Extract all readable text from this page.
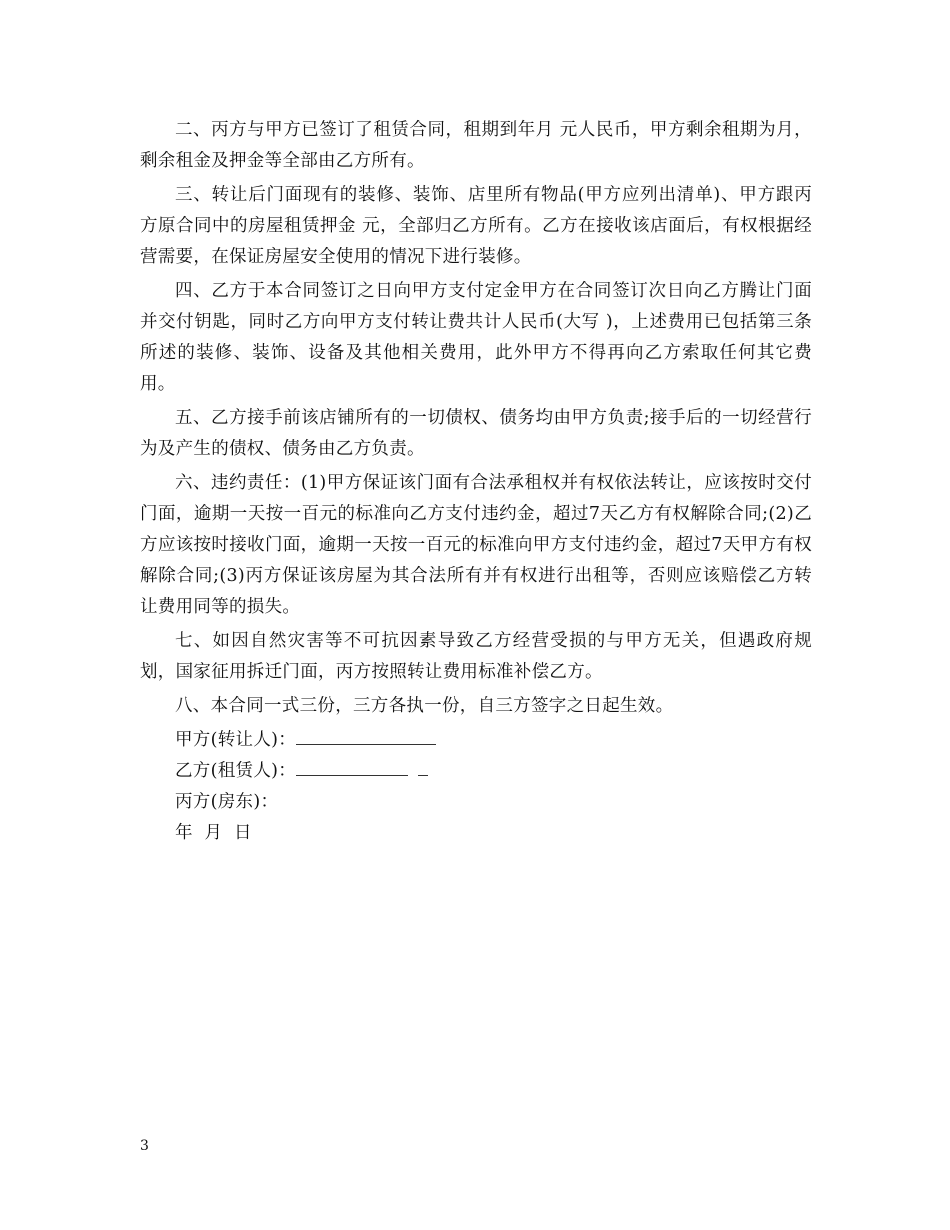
二、丙方与甲方已签订了租赁合同，租期到年月 元人民币，甲方剩余租期为月，剩余租金及押金等全部由乙方所有。

三、转让后门面现有的装修、装饰、店里所有物品(甲方应列出清单)、甲方跟丙方原合同中的房屋租赁押金 元，全部归乙方所有。乙方在接收该店面后，有权根据经营需要，在保证房屋安全使用的情况下进行装修。

四、乙方于本合同签订之日向甲方支付定金甲方在合同签订次日向乙方腾让门面并交付钥匙，同时乙方向甲方支付转让费共计人民币(大写 )，上述费用已包括第三条所述的装修、装饰、设备及其他相关费用，此外甲方不得再向乙方索取任何其它费用。

五、乙方接手前该店铺所有的一切债权、债务均由甲方负责;接手后的一切经营行为及产生的债权、债务由乙方负责。

六、违约责任：(1)甲方保证该门面有合法承租权并有权依法转让，应该按时交付门面，逾期一天按一百元的标准向乙方支付违约金，超过7天乙方有权解除合同;(2)乙方应该按时接收门面，逾期一天按一百元的标准向甲方支付违约金，超过7天甲方有权解除合同;(3)丙方保证该房屋为其合法所有并有权进行出租等，否则应该赔偿乙方转让费用同等的损失。

七、如因自然灾害等不可抗因素导致乙方经营受损的与甲方无关，但遇政府规划，国家征用拆迁门面，丙方按照转让费用标准补偿乙方。

八、本合同一式三份，三方各执一份，自三方签字之日起生效。

甲方(转让人)：
乙方(租赁人)：
丙方(房东)：
年  月  日
3
